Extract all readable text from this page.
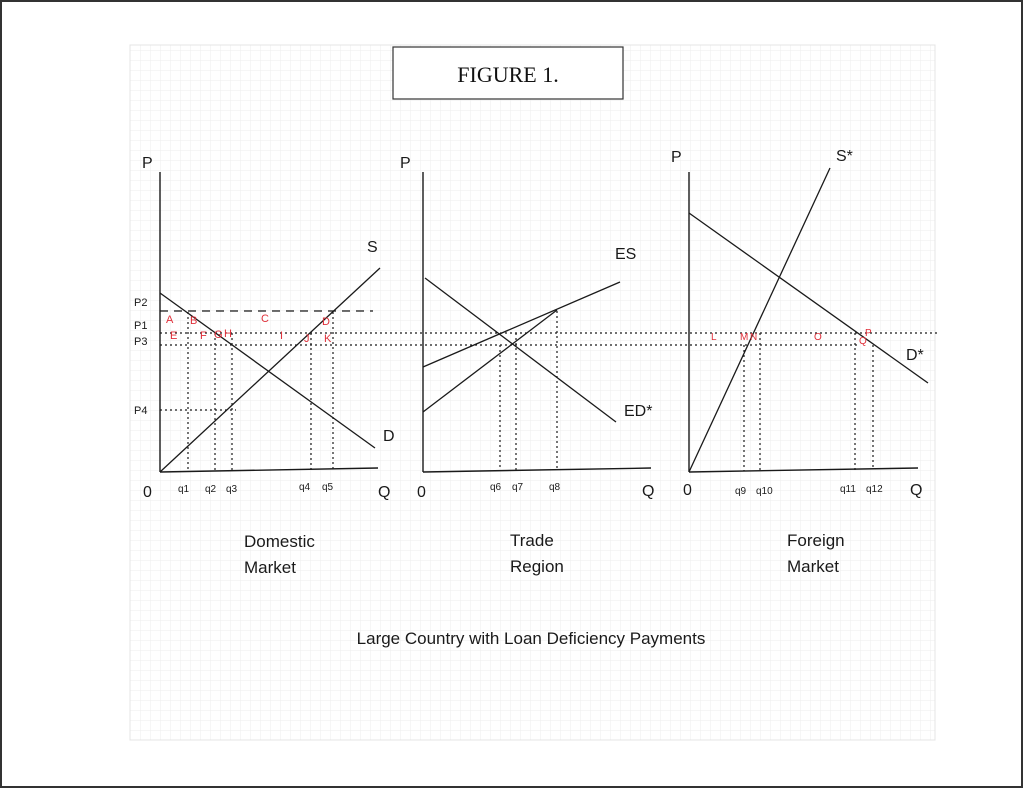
FIGURE 1.
P
Q
0
P2
P1
P3
P4
q1 q2 q3	q4 q5
S
D
A B	C	D
E F G H	I J K
Domestic
Market
P
Q
0	q6 q7	q8
ES
ED*
Trade
Region
P
Q
0	q9 q10	q11 q12
S*
D*
L M N	O	P
Q
Foreign
Market
Large Country with Loan Deficiency Payments
